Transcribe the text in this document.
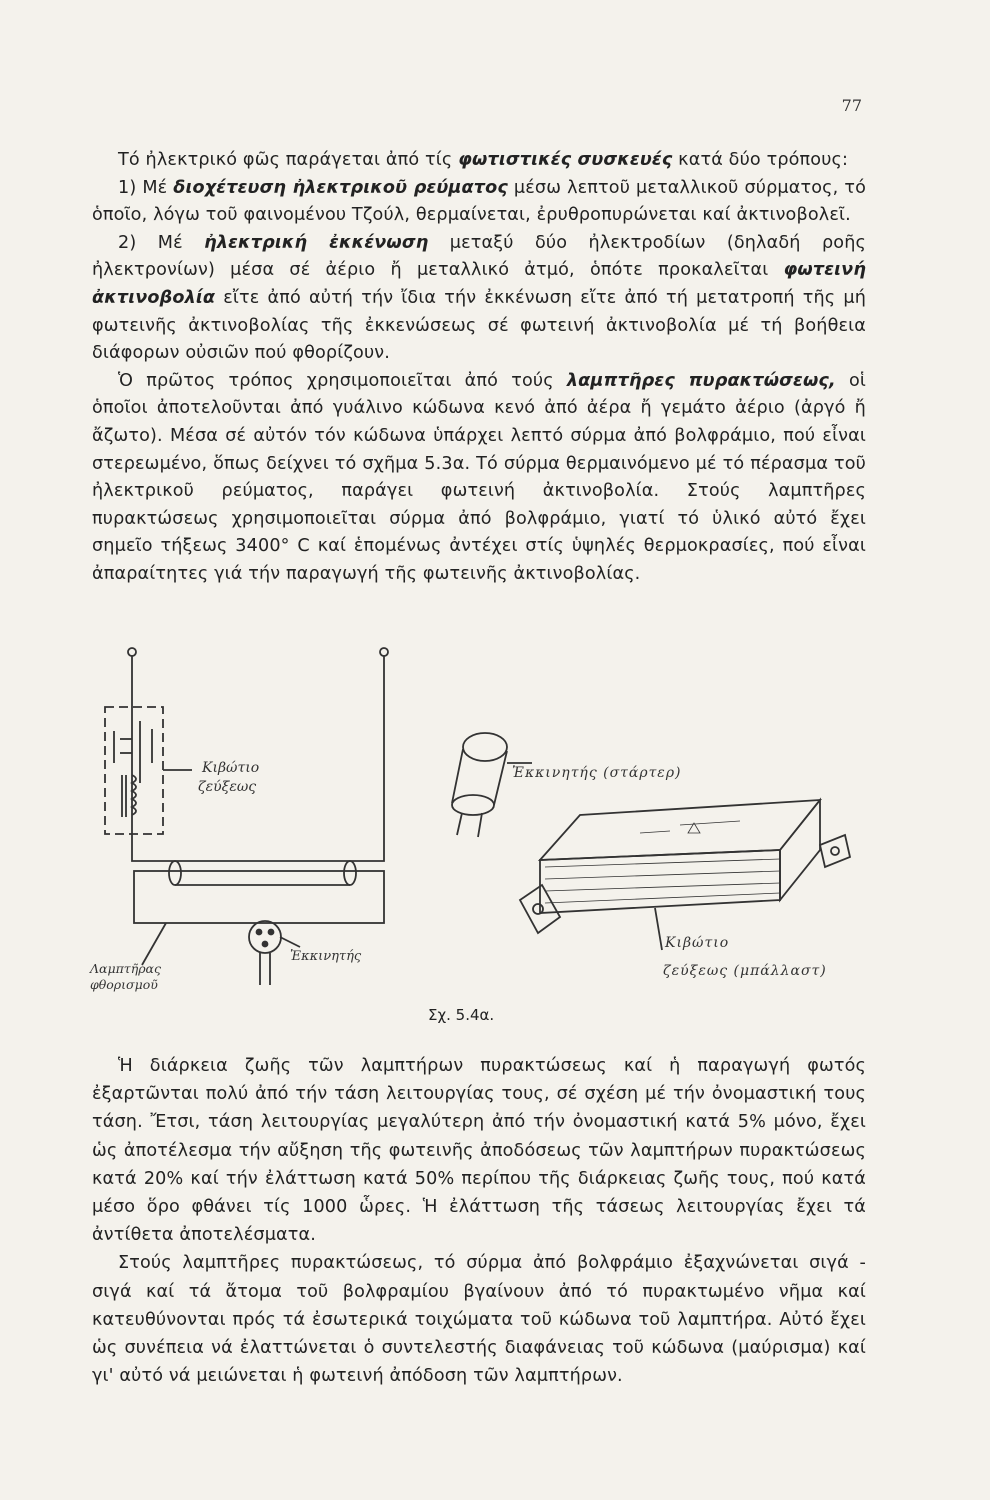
77

Τό ἠλεκτρικό φῶς παράγεται ἀπό τίς φωτιστικές συσκευές κατά δύο τρόπους:

1) Μέ διοχέτευση ἠλεκτρικοῦ ρεύματος μέσω λεπτοῦ μεταλλικοῦ σύρματος, τό ὁποῖο, λόγω τοῦ φαινομένου Τζούλ, θερμαίνεται, ἐρυθροπυρώνεται καί ἀκτινοβολεῖ.

2) Μέ ἠλεκτρική ἐκκένωση μεταξύ δύο ἠλεκτροδίων (δηλαδή ροῆς ἠλεκτρονίων) μέσα σέ ἀέριο ἤ μεταλλικό ἀτμό, ὁπότε προκαλεῖται φωτεινή ἀκτινοβολία εἴτε ἀπό αὐτή τήν ἴδια τήν ἐκκένωση εἴτε ἀπό τή μετατροπή τῆς μή φωτεινῆς ἀκτινοβολίας τῆς ἐκκενώσεως σέ φωτεινή ἀκτινοβολία μέ τή βοήθεια διάφορων οὐσιῶν πού φθορίζουν.

Ὁ πρῶτος τρόπος χρησιμοποιεῖται ἀπό τούς λαμπτῆρες πυρακτώσεως, οἱ ὁποῖοι ἀποτελοῦνται ἀπό γυάλινο κώδωνα κενό ἀπό ἀέρα ἤ γεμάτο ἀέριο (ἀργό ἤ ἄζωτο). Μέσα σέ αὐτόν τόν κώδωνα ὑπάρχει λεπτό σύρμα ἀπό βολφράμιο, πού εἶναι στερεωμένο, ὅπως δείχνει τό σχῆμα 5.3α. Τό σύρμα θερμαινόμενο μέ τό πέρασμα τοῦ ἠλεκτρικοῦ ρεύματος, παράγει φωτεινή ἀκτινοβολία. Στούς λαμπτῆρες πυρακτώσεως χρησιμοποιεῖται σύρμα ἀπό βολφράμιο, γιατί τό ὑλικό αὐτό ἔχει σημεῖο τήξεως 3400° C καί ἑπομένως ἀντέχει στίς ὑψηλές θερμοκρασίες, πού εἶναι ἀπαραίτητες γιά τήν παραγωγή τῆς φωτεινῆς ἀκτινοβολίας.

Κιβώτιο
ζεύξεως
Λαμπτῆρας
φθορισμοῦ
Ἐκκινητής
Ἐκκινητής (στάρτερ)
Κιβώτιο
ζεύξεως (μπάλλαστ)
Σχ. 5.4α.

Ἡ διάρκεια ζωῆς τῶν λαμπτήρων πυρακτώσεως καί ἡ παραγωγή φωτός ἐξαρτῶνται πολύ ἀπό τήν τάση λειτουργίας τους, σέ σχέση μέ τήν ὀνομαστική τους τάση. Ἔτσι, τάση λειτουργίας μεγαλύτερη ἀπό τήν ὀνομαστική κατά 5% μόνο, ἔχει ὡς ἀποτέλεσμα τήν αὔξηση τῆς φωτεινῆς ἀποδόσεως τῶν λαμπτήρων πυρακτώσεως κατά 20% καί τήν ἐλάττωση κατά 50% περίπου τῆς διάρκειας ζωῆς τους, πού κατά μέσο ὅρο φθάνει τίς 1000 ὧρες. Ἡ ἐλάττωση τῆς τάσεως λειτουργίας ἔχει τά ἀντίθετα ἀποτελέσματα.

Στούς λαμπτῆρες πυρακτώσεως, τό σύρμα ἀπό βολφράμιο ἐξαχνώνεται σιγά - σιγά καί τά ἄτομα τοῦ βολφραμίου βγαίνουν ἀπό τό πυρακτωμένο νῆμα καί κατευθύνονται πρός τά ἐσωτερικά τοιχώματα τοῦ κώδωνα τοῦ λαμπτήρα. Αὐτό ἔχει ὡς συνέπεια νά ἐλαττώνεται ὁ συντελεστής διαφάνειας τοῦ κώδωνα (μαύρισμα) καί γι' αὐτό νά μειώνεται ἡ φωτεινή ἀπόδοση τῶν λαμπτήρων.
